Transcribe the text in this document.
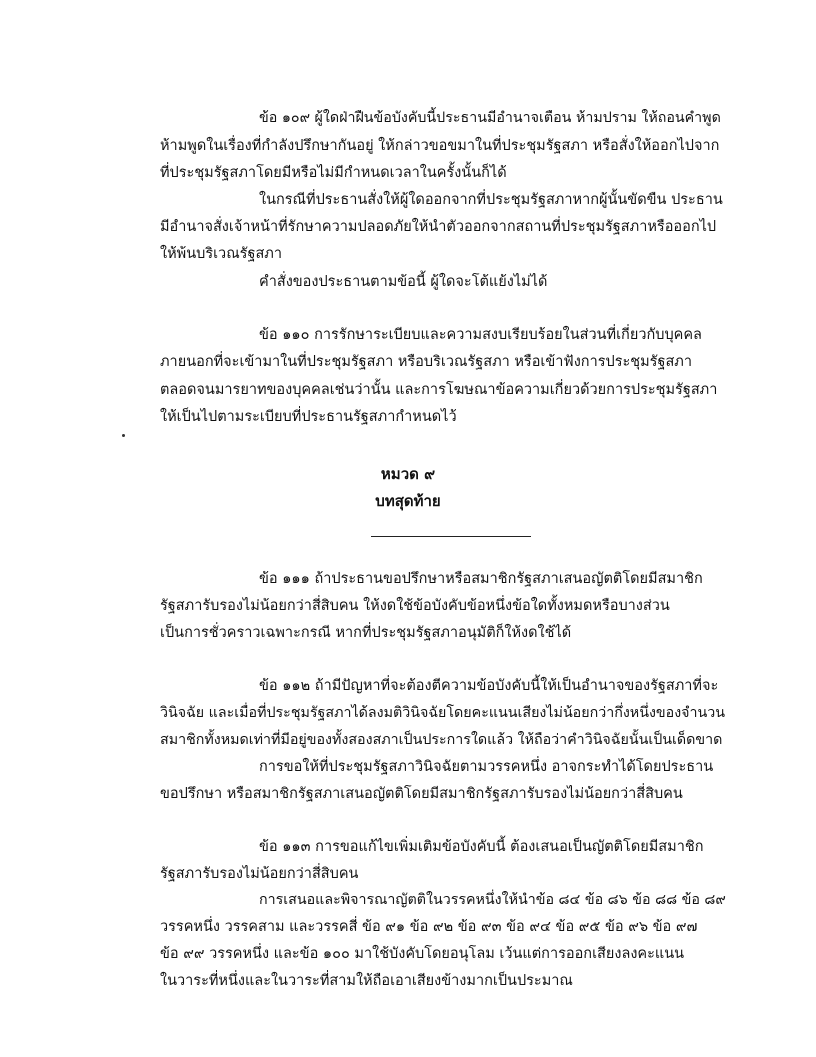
ข้อ ๑๐๙ ผู้ใดฝ่าฝืนข้อบังคับนี้ประธานมีอำนาจเตือน ห้ามปราม ให้ถอนคำพูด
ห้ามพูดในเรื่องที่กำลังปรึกษากันอยู่ ให้กล่าวขอขมาในที่ประชุมรัฐสภา หรือสั่งให้ออกไปจาก
ที่ประชุมรัฐสภาโดยมีหรือไม่มีกำหนดเวลาในครั้งนั้นก็ได้
ในกรณีที่ประธานสั่งให้ผู้ใดออกจากที่ประชุมรัฐสภาหากผู้นั้นขัดขืน ประธาน
มีอำนาจสั่งเจ้าหน้าที่รักษาความปลอดภัยให้นำตัวออกจากสถานที่ประชุมรัฐสภาหรือออกไป
ให้พ้นบริเวณรัฐสภา
คำสั่งของประธานตามข้อนี้ ผู้ใดจะโต้แย้งไม่ได้
ข้อ ๑๑๐ การรักษาระเบียบและความสงบเรียบร้อยในส่วนที่เกี่ยวกับบุคคล
ภายนอกที่จะเข้ามาในที่ประชุมรัฐสภา หรือบริเวณรัฐสภา หรือเข้าฟังการประชุมรัฐสภา
ตลอดจนมารยาทของบุคคลเช่นว่านั้น และการโฆษณาข้อความเกี่ยวด้วยการประชุมรัฐสภา
ให้เป็นไปตามระเบียบที่ประธานรัฐสภากำหนดไว้
หมวด ๙
บทสุดท้าย
ข้อ ๑๑๑ ถ้าประธานขอปรึกษาหรือสมาชิกรัฐสภาเสนอญัตติโดยมีสมาชิก
รัฐสภารับรองไม่น้อยกว่าสี่สิบคน ให้งดใช้ข้อบังคับข้อหนึ่งข้อใดทั้งหมดหรือบางส่วน
เป็นการชั่วคราวเฉพาะกรณี หากที่ประชุมรัฐสภาอนุมัติก็ให้งดใช้ได้
ข้อ ๑๑๒ ถ้ามีปัญหาที่จะต้องตีความข้อบังคับนี้ให้เป็นอำนาจของรัฐสภาที่จะ
วินิจฉัย และเมื่อที่ประชุมรัฐสภาได้ลงมติวินิจฉัยโดยคะแนนเสียงไม่น้อยกว่ากึ่งหนึ่งของจำนวน
สมาชิกทั้งหมดเท่าที่มีอยู่ของทั้งสองสภาเป็นประการใดแล้ว ให้ถือว่าคำวินิจฉัยนั้นเป็นเด็ดขาด
การขอให้ที่ประชุมรัฐสภาวินิจฉัยตามวรรคหนึ่ง อาจกระทำได้โดยประธาน
ขอปรึกษา หรือสมาชิกรัฐสภาเสนอญัตติโดยมีสมาชิกรัฐสภารับรองไม่น้อยกว่าสี่สิบคน
ข้อ ๑๑๓ การขอแก้ไขเพิ่มเติมข้อบังคับนี้ ต้องเสนอเป็นญัตติโดยมีสมาชิก
รัฐสภารับรองไม่น้อยกว่าสี่สิบคน
การเสนอและพิจารณาญัตติในวรรคหนึ่งให้นำข้อ ๘๔ ข้อ ๘๖ ข้อ ๘๘ ข้อ ๘๙
วรรคหนึ่ง วรรคสาม และวรรคสี่ ข้อ ๙๑ ข้อ ๙๒ ข้อ ๙๓ ข้อ ๙๔ ข้อ ๙๕ ข้อ ๙๖ ข้อ ๙๗
ข้อ ๙๙ วรรคหนึ่ง และข้อ ๑๐๐ มาใช้บังคับโดยอนุโลม เว้นแต่การออกเสียงลงคะแนน
ในวาระที่หนึ่งและในวาระที่สามให้ถือเอาเสียงข้างมากเป็นประมาณ
